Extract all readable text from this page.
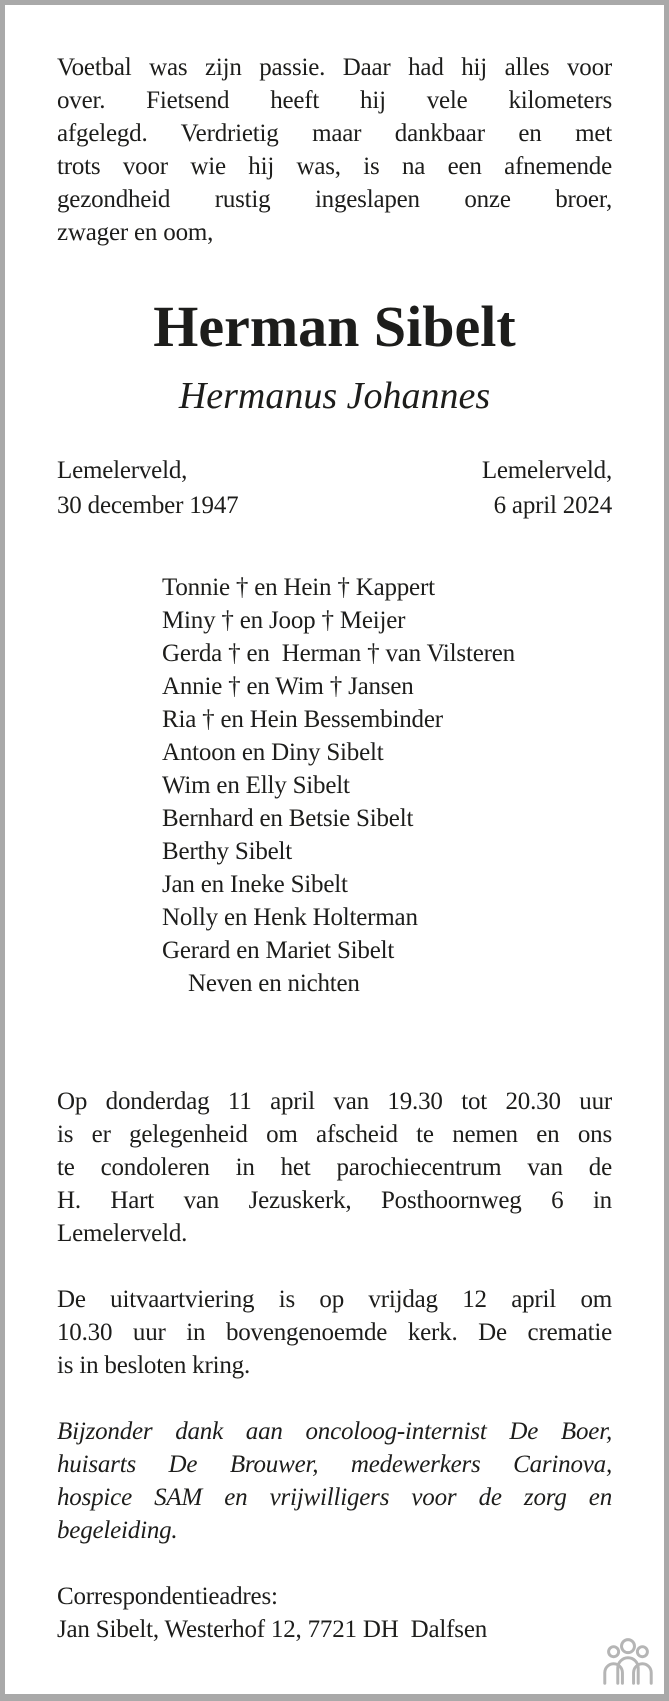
Voetbal was zijn passie. Daar had hij alles voor
over. Fietsend heeft hij vele kilometers
afgelegd. Verdrietig maar dankbaar en met
trots voor wie hij was, is na een afnemende
gezondheid rustig ingeslapen onze broer,
zwager en oom,
Herman Sibelt
Hermanus Johannes
Lemelerveld,
30 december 1947
Lemelerveld,
6 april 2024
Tonnie † en Hein † Kappert
Miny † en Joop † Meijer
Gerda † en  Herman † van Vilsteren
Annie † en Wim † Jansen
Ria † en Hein Bessembinder
Antoon en Diny Sibelt
Wim en Elly Sibelt
Bernhard en Betsie Sibelt
Berthy Sibelt
Jan en Ineke Sibelt
Nolly en Henk Holterman
Gerard en Mariet Sibelt
Neven en nichten
Op donderdag 11 april van 19.30 tot 20.30 uur
is er gelegenheid om afscheid te nemen en ons
te condoleren in het parochiecentrum van de
H. Hart van Jezuskerk, Posthoornweg 6 in
Lemelerveld.
De uitvaartviering is op vrijdag 12 april om
10.30 uur in bovengenoemde kerk. De crematie
is in besloten kring.
Bijzonder dank aan oncoloog-internist De Boer,
huisarts De Brouwer, medewerkers Carinova,
hospice SAM en vrijwilligers voor de zorg en
begeleiding.
Correspondentieadres:
Jan Sibelt, Westerhof 12, 7721 DH  Dalfsen
